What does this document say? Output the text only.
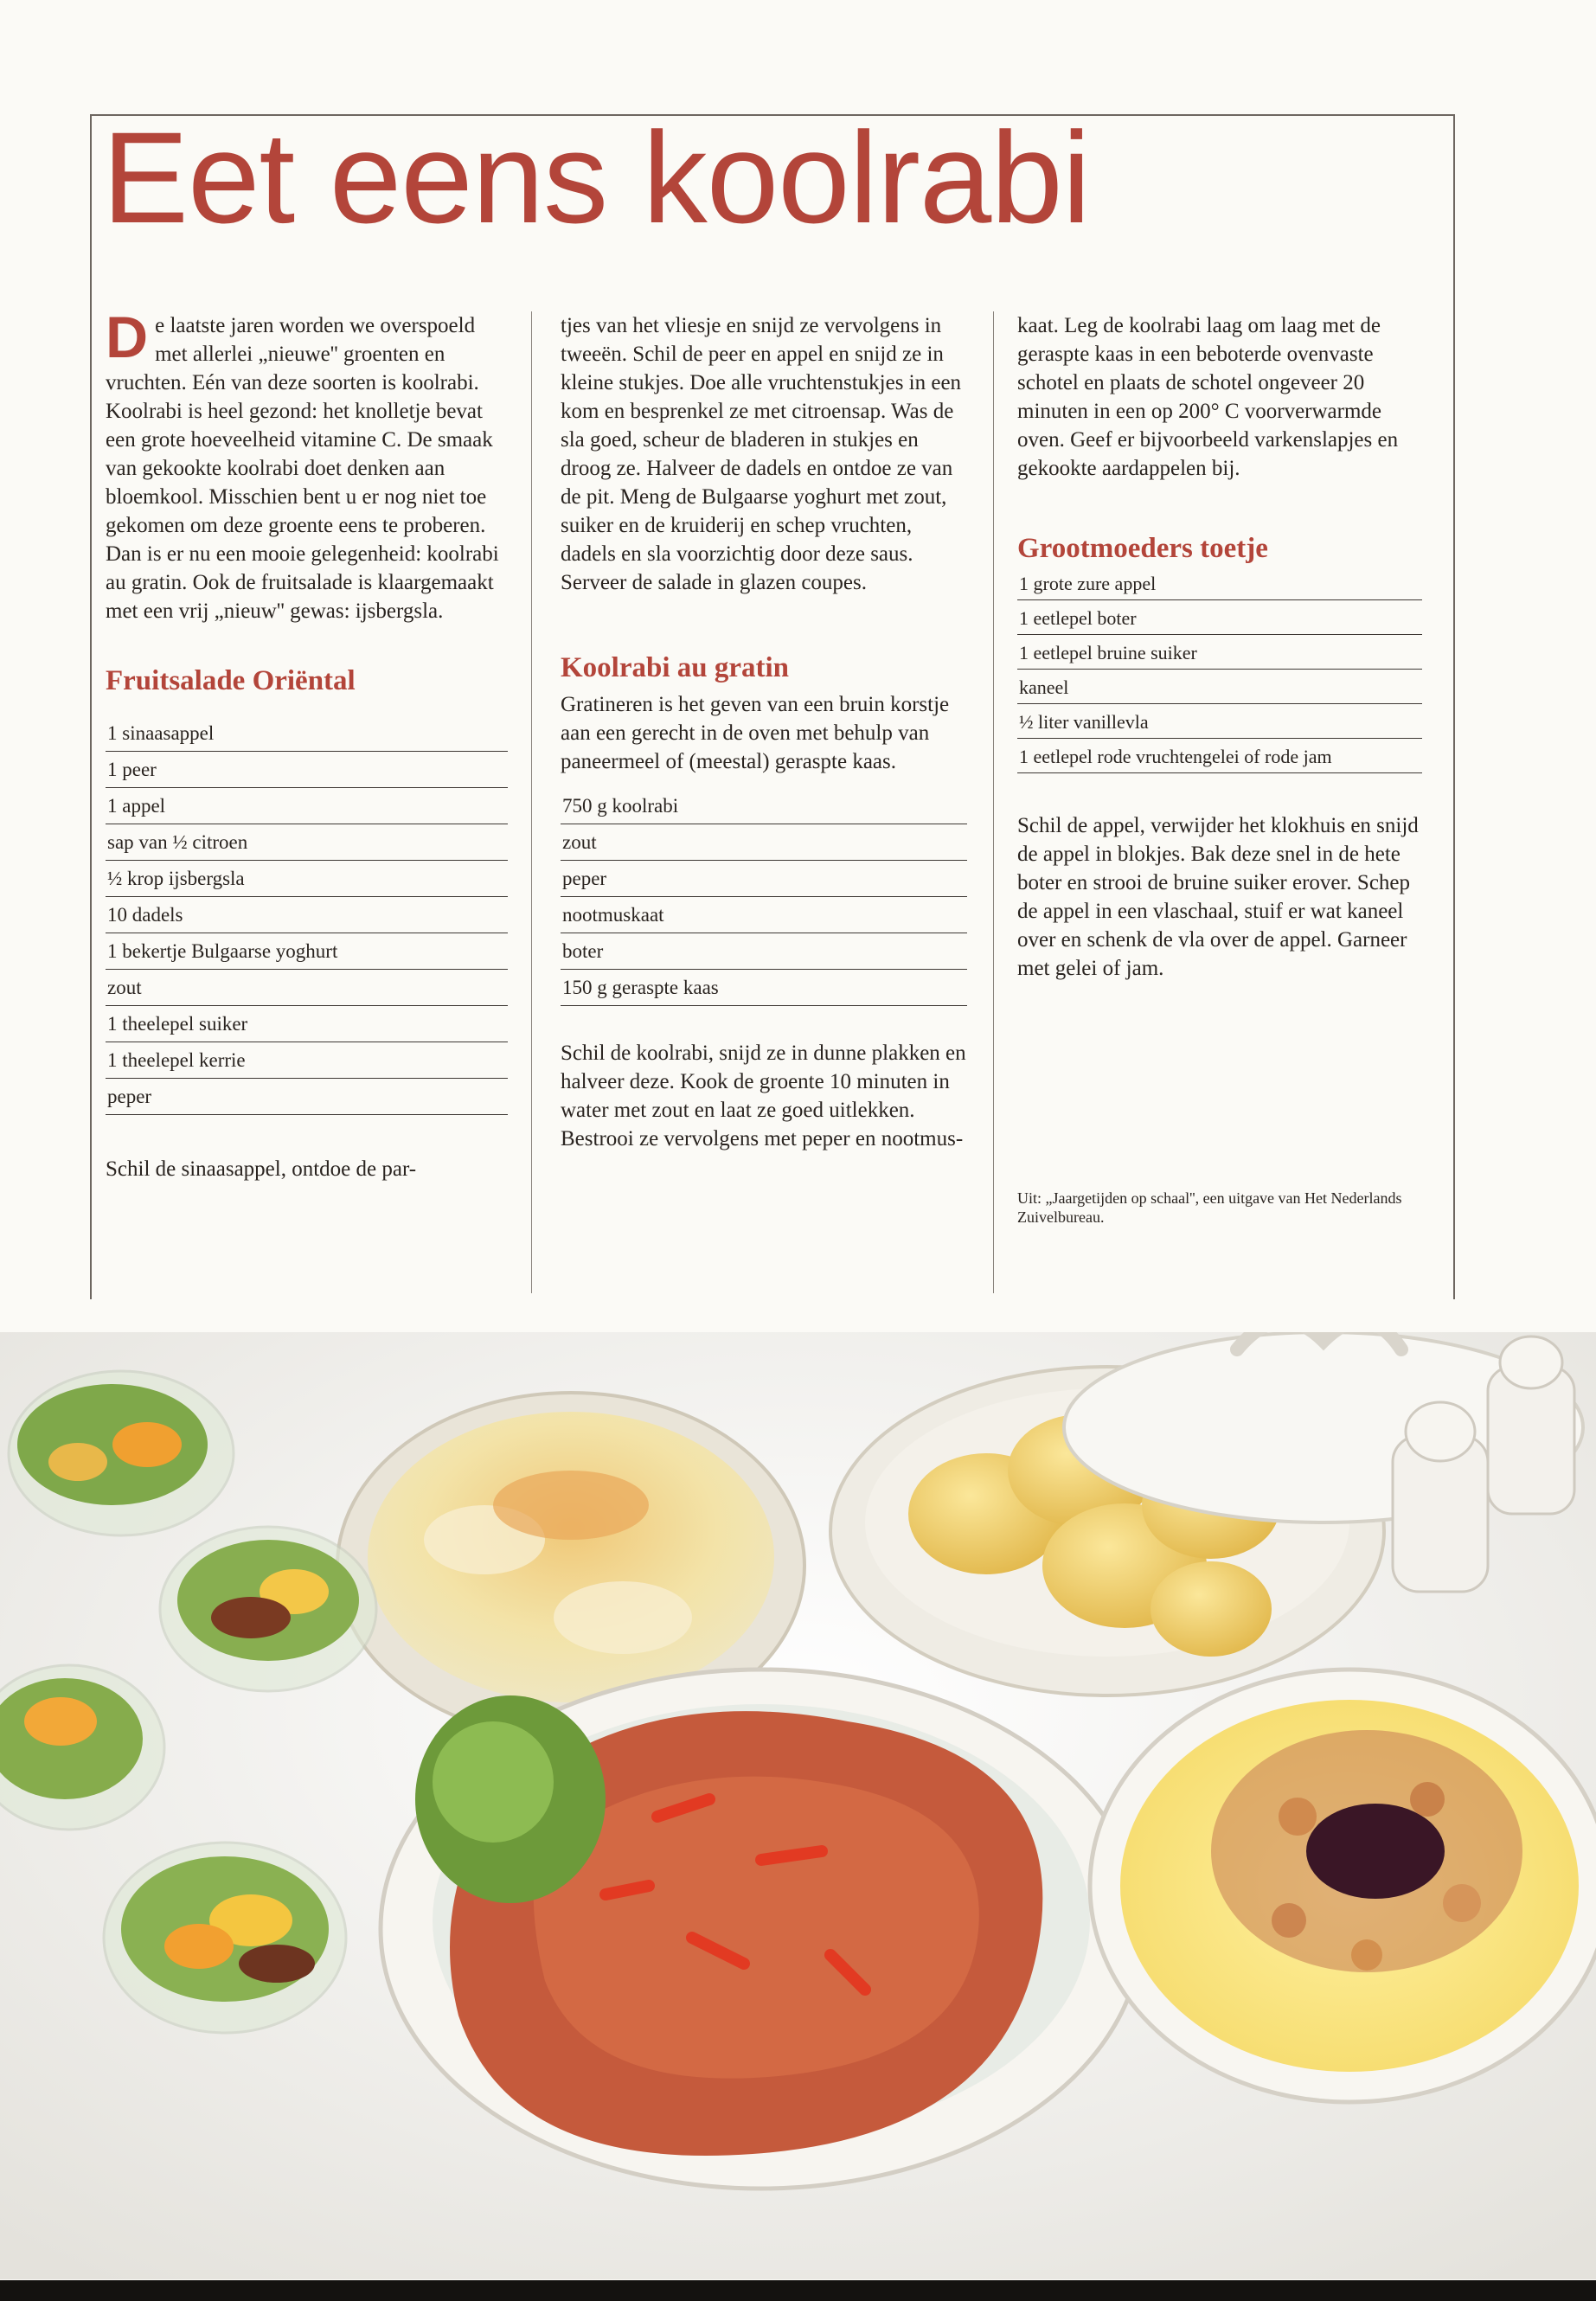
Eet eens koolrabi

De laatste jaren worden we overspoeld met allerlei „nieuwe'' groenten en vruchten. Eén van deze soorten is koolrabi. Koolrabi is heel gezond: het knolletje bevat een grote hoeveelheid vitamine C. De smaak van gekookte koolrabi doet denken aan bloemkool. Misschien bent u er nog niet toe gekomen om deze groente eens te proberen. Dan is er nu een mooie gelegenheid: koolrabi au gratin. Ook de fruitsalade is klaargemaakt met een vrij „nieuw'' gewas: ijsbergsla.

Fruitsalade Oriëntal
1 sinaasappel
1 peer
1 appel
sap van ½ citroen
½ krop ijsbergsla
10 dadels
1 bekertje Bulgaarse yoghurt
zout
1 theelepel suiker
1 theelepel kerrie
peper

Schil de sinaasappel, ontdoe de par-

tjes van het vliesje en snijd ze vervolgens in tweeën. Schil de peer en appel en snijd ze in kleine stukjes. Doe alle vruchtenstukjes in een kom en besprenkel ze met citroensap. Was de sla goed, scheur de bladeren in stukjes en droog ze. Halveer de dadels en ontdoe ze van de pit. Meng de Bulgaarse yoghurt met zout, suiker en de kruiderij en schep vruchten, dadels en sla voorzichtig door deze saus. Serveer de salade in glazen coupes.

Koolrabi au gratin

Gratineren is het geven van een bruin korstje aan een gerecht in de oven met behulp van paneermeel of (meestal) geraspte kaas.

750 g koolrabi
zout
peper
nootmuskaat
boter
150 g geraspte kaas

Schil de koolrabi, snijd ze in dunne plakken en halveer deze. Kook de groente 10 minuten in water met zout en laat ze goed uitlekken. Bestrooi ze vervolgens met peper en nootmus-

kaat. Leg de koolrabi laag om laag met de geraspte kaas in een beboterde ovenvaste schotel en plaats de schotel ongeveer 20 minuten in een op 200° C voorverwarmde oven. Geef er bijvoorbeeld varkenslapjes en gekookte aardappelen bij.

Grootmoeders toetje
1 grote zure appel
1 eetlepel boter
1 eetlepel bruine suiker
kaneel
½ liter vanillevla
1 eetlepel rode vruchtengelei of rode jam

Schil de appel, verwijder het klokhuis en snijd de appel in blokjes. Bak deze snel in de hete boter en strooi de bruine suiker erover. Schep de appel in een vlaschaal, stuif er wat kaneel over en schenk de vla over de appel. Garneer met gelei of jam.

Uit: „Jaargetijden op schaal'', een uitgave van Het Nederlands Zuivelbureau.
